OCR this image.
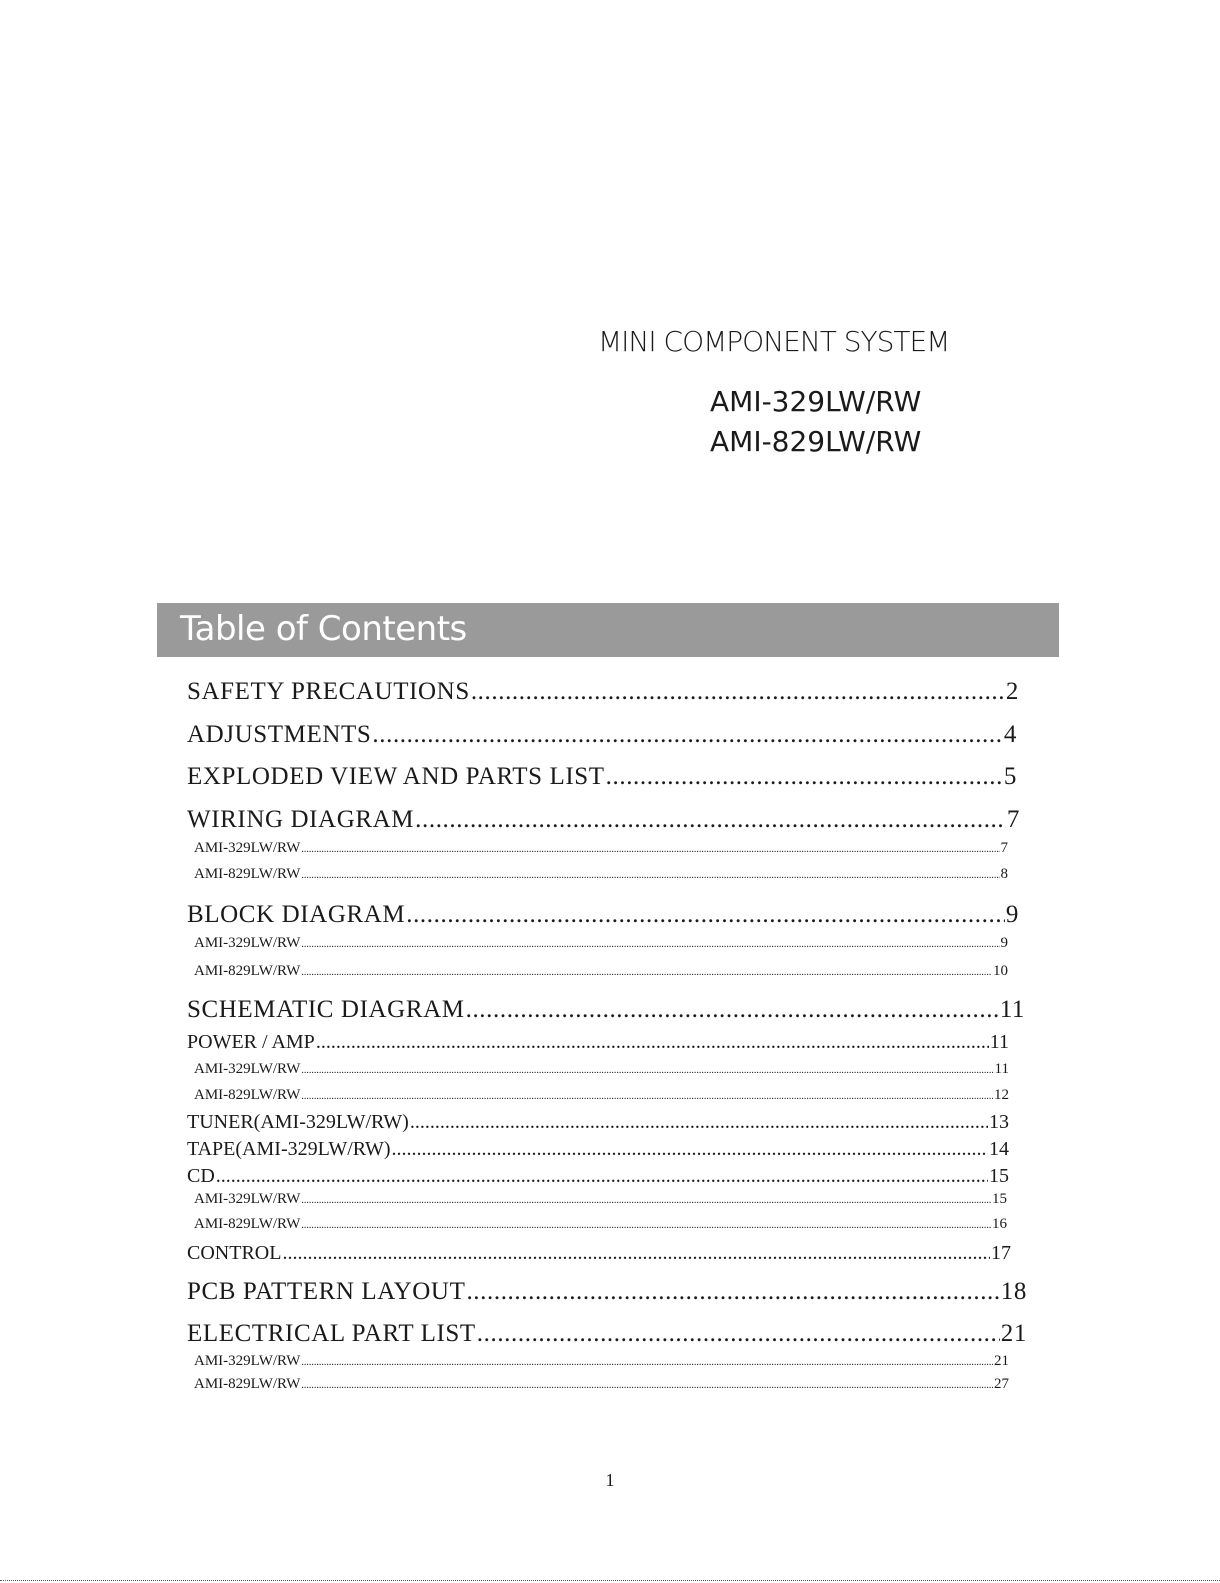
MINI COMPONENT SYSTEM
AMI-329LW/RW
AMI-829LW/RW
Table of Contents
SAFETY PRECAUTIONS .....	2
ADJUSTMENTS .....	4
EXPLODED VIEW AND PARTS LIST .....	5
WIRING DIAGRAM .....	7
AMI-329LW/RW .....	7
AMI-829LW/RW .....	8
BLOCK DIAGRAM .....	9
AMI-329LW/RW .....	9
AMI-829LW/RW .....	10
SCHEMATIC DIAGRAM .....	11
POWER / AMP .....	11
AMI-329LW/RW .....	11
AMI-829LW/RW .....	12
TUNER(AMI-329LW/RW) .....	13
TAPE(AMI-329LW/RW) .....	14
CD .....	15
AMI-329LW/RW .....	15
AMI-829LW/RW .....	16
CONTROL .....	17
PCB PATTERN LAYOUT .....	18
ELECTRICAL PART LIST .....	21
AMI-329LW/RW .....	21
AMI-829LW/RW .....	27
1
